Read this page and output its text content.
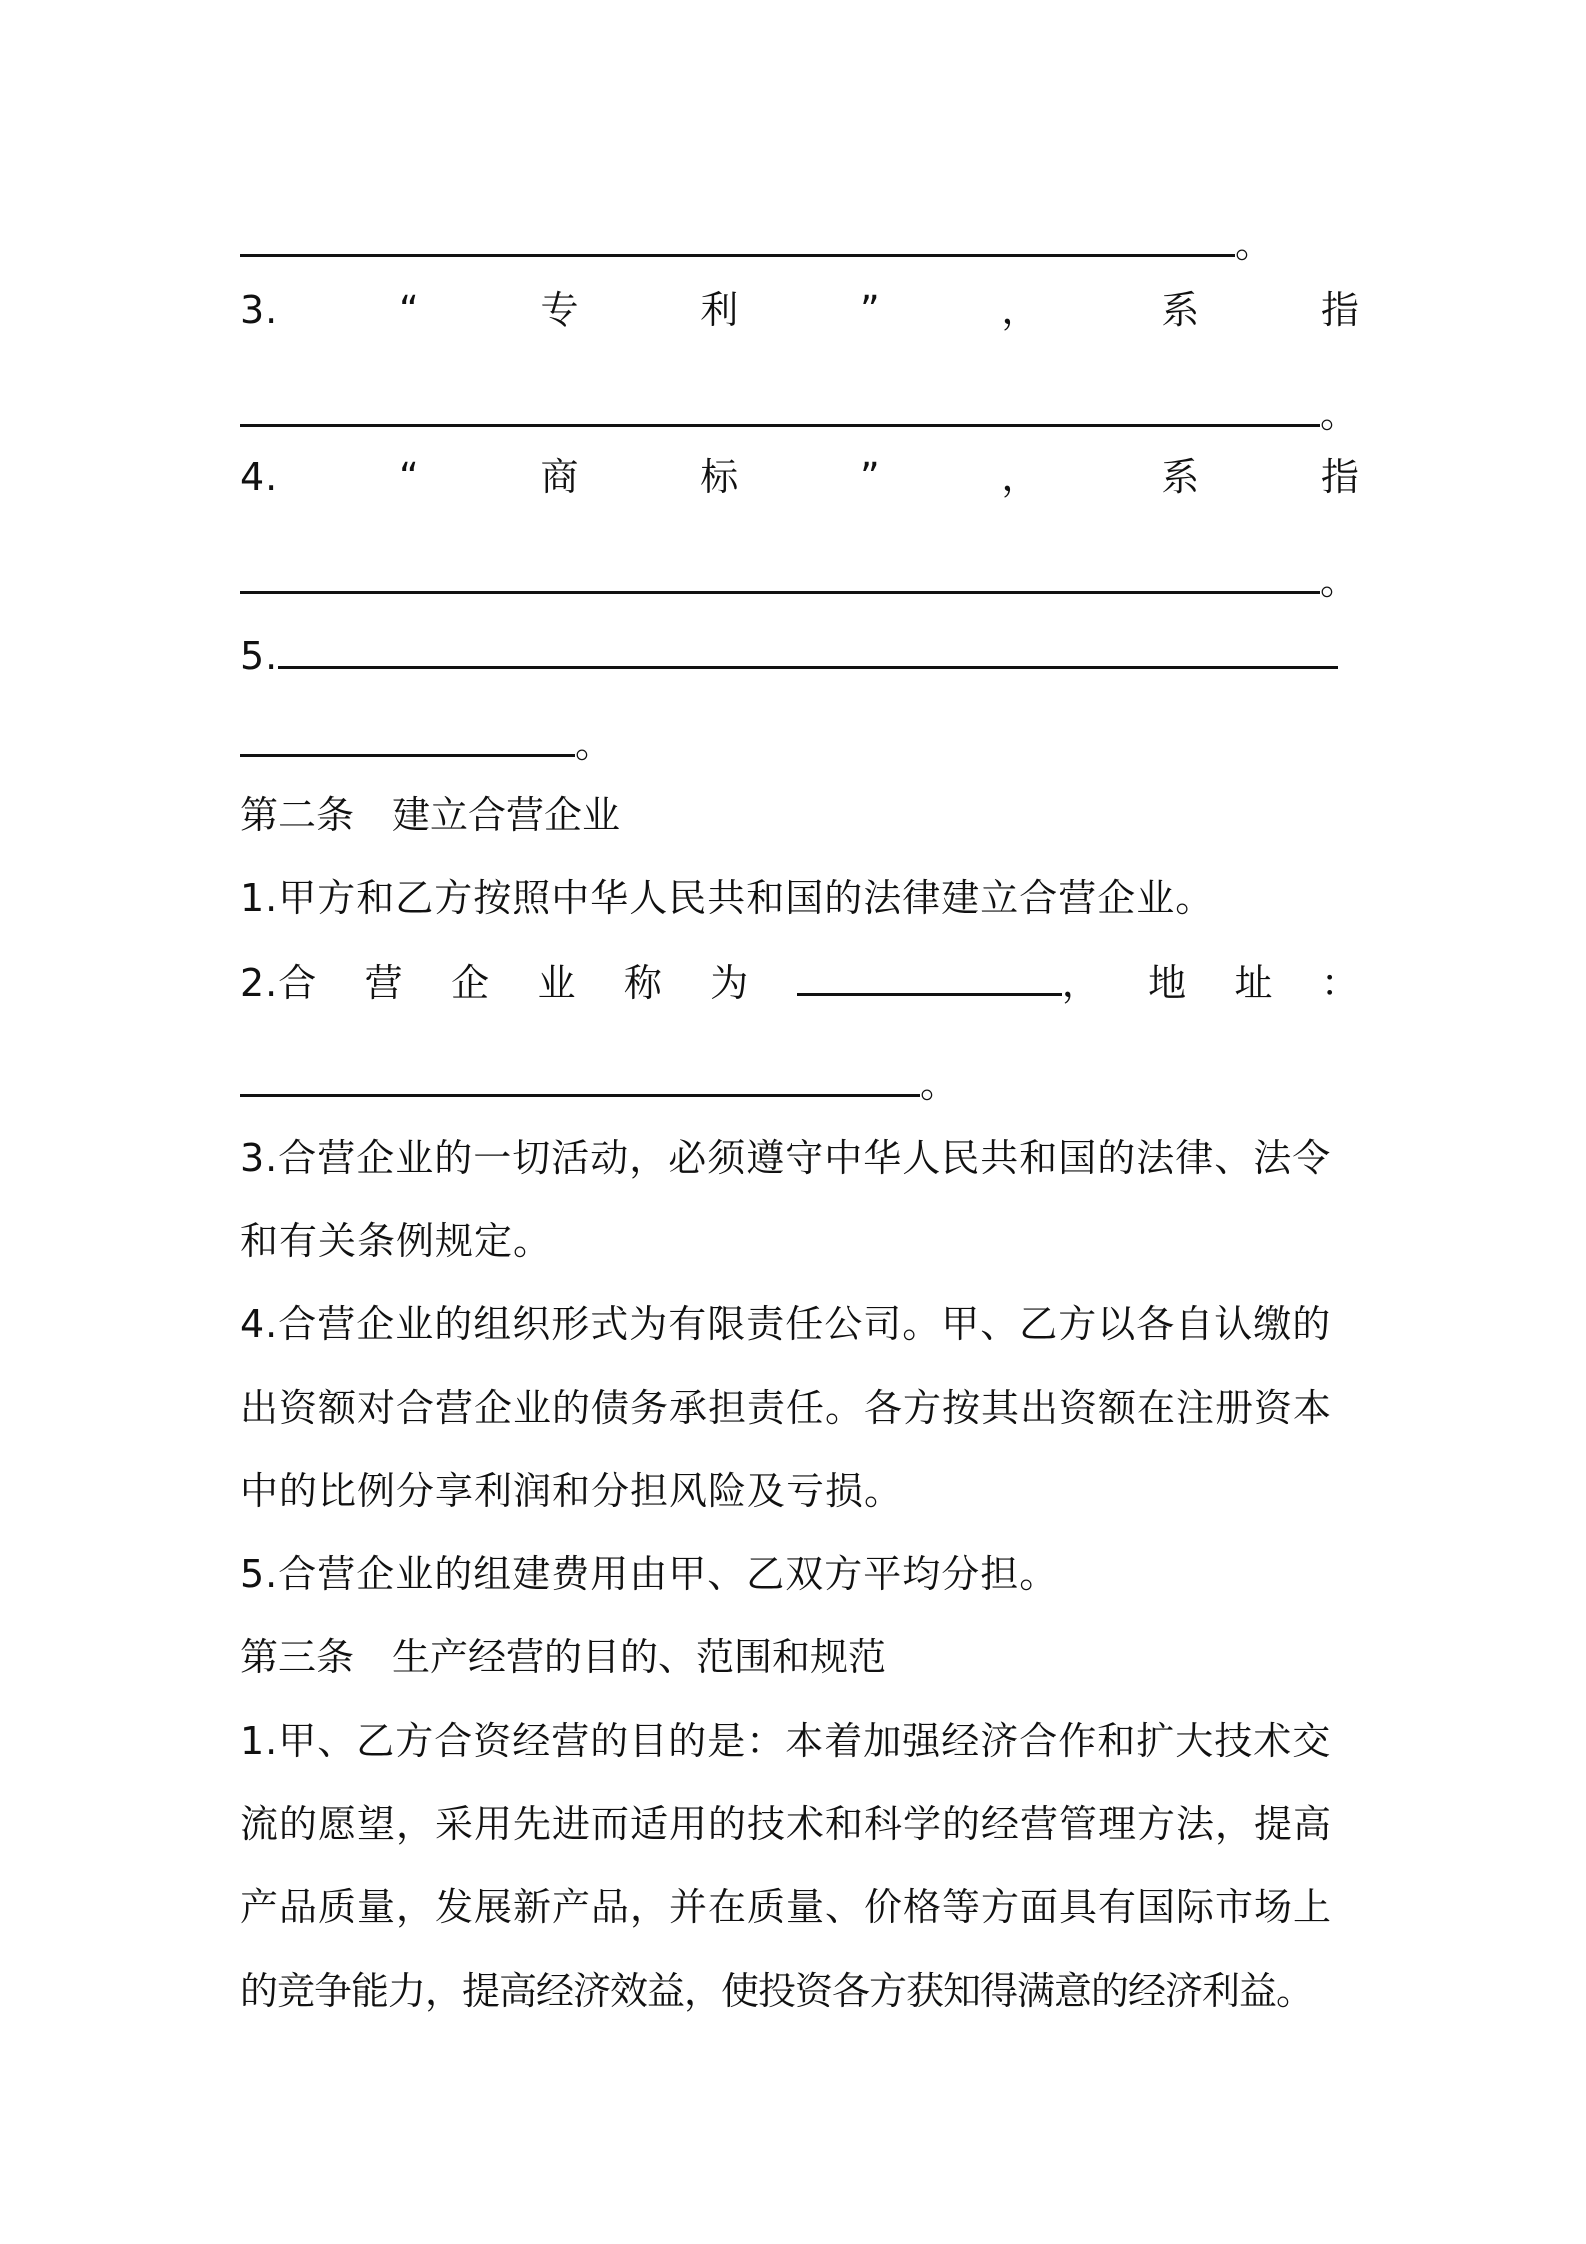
。
3.	“	专	利	”	，	系	指
。
4.	“	商	标	”	，	系	指
。
5.
。
第二条　建立合营企业
1.甲方和乙方按照中华人民共和国的法律建立合营企业。
2.合 营 企 业 称 为	， 地 址 ：
。
3.合营企业的一切活动，必须遵守中华人民共和国的法律、法令
和有关条例规定。
4.合营企业的组织形式为有限责任公司。甲、乙方以各自认缴的
出资额对合营企业的债务承担责任。各方按其出资额在注册资本
中的比例分享利润和分担风险及亏损。
5.合营企业的组建费用由甲、乙双方平均分担。
第三条　生产经营的目的、范围和规范
1.甲、乙方合资经营的目的是：本着加强经济合作和扩大技术交
流的愿望，采用先进而适用的技术和科学的经营管理方法，提高
产品质量，发展新产品，并在质量、价格等方面具有国际市场上
的竞争能力，提高经济效益，使投资各方获知得满意的经济利益。
